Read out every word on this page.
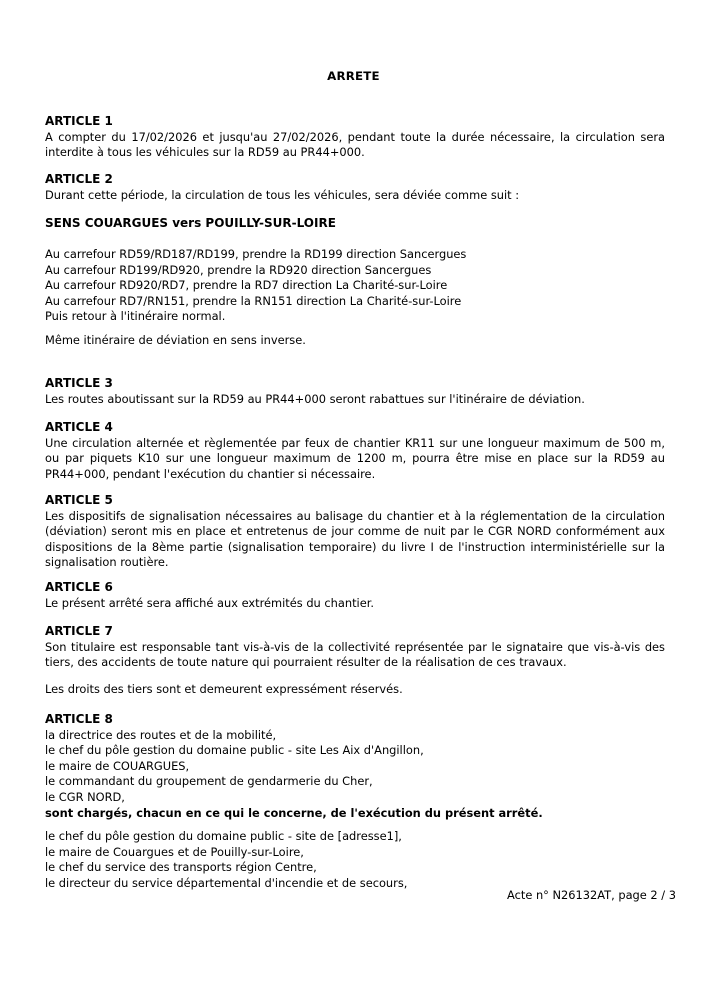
ARRETE

ARTICLE 1

A compter du 17/02/2026 et jusqu'au 27/02/2026, pendant toute la durée nécessaire, la circulation sera interdite à tous les véhicules sur la RD59 au PR44+000.

ARTICLE 2

Durant cette période, la circulation de tous les véhicules, sera déviée comme suit :

SENS COUARGUES vers POUILLY-SUR-LOIRE

Au carrefour RD59/RD187/RD199, prendre la RD199 direction Sancergues

Au carrefour RD199/RD920, prendre la RD920 direction Sancergues

Au carrefour RD920/RD7, prendre la RD7 direction La Charité-sur-Loire

Au carrefour RD7/RN151, prendre la RN151 direction La Charité-sur-Loire

Puis retour à l'itinéraire normal.

Même itinéraire de déviation en sens inverse.

ARTICLE 3

Les routes aboutissant sur la RD59 au PR44+000 seront rabattues sur l'itinéraire de déviation.

ARTICLE 4

Une circulation alternée et règlementée par feux de chantier KR11 sur une longueur maximum de 500 m, ou par piquets K10 sur une longueur maximum de 1200 m, pourra être mise en place sur la RD59 au PR44+000, pendant l'exécution du chantier si nécessaire.

ARTICLE 5

Les dispositifs de signalisation nécessaires au balisage du chantier et à la réglementation de la circulation (déviation) seront mis en place et entretenus de jour comme de nuit par le CGR NORD conformément aux dispositions de la 8ème partie (signalisation temporaire) du livre I de l'instruction interministérielle sur la signalisation routière.

ARTICLE 6

Le présent arrêté sera affiché aux extrémités du chantier.

ARTICLE 7

Son titulaire est responsable tant vis-à-vis de la collectivité représentée par le signataire que vis-à-vis des tiers, des accidents de toute nature qui pourraient résulter de la réalisation de ces travaux.

Les droits des tiers sont et demeurent expressément réservés.

ARTICLE 8

la directrice des routes et de la mobilité,

le chef du pôle gestion du domaine public - site Les Aix d'Angillon,

le maire de COUARGUES,

le commandant du groupement de gendarmerie du Cher,

le CGR NORD,

sont chargés, chacun en ce qui le concerne, de l'exécution du présent arrêté.

le chef du pôle gestion du domaine public - site de [adresse1],

le maire de Couargues et de Pouilly-sur-Loire,

le chef du service des transports région Centre,

le directeur du service départemental d'incendie et de secours,

Acte n° N26132AT, page 2 / 3
